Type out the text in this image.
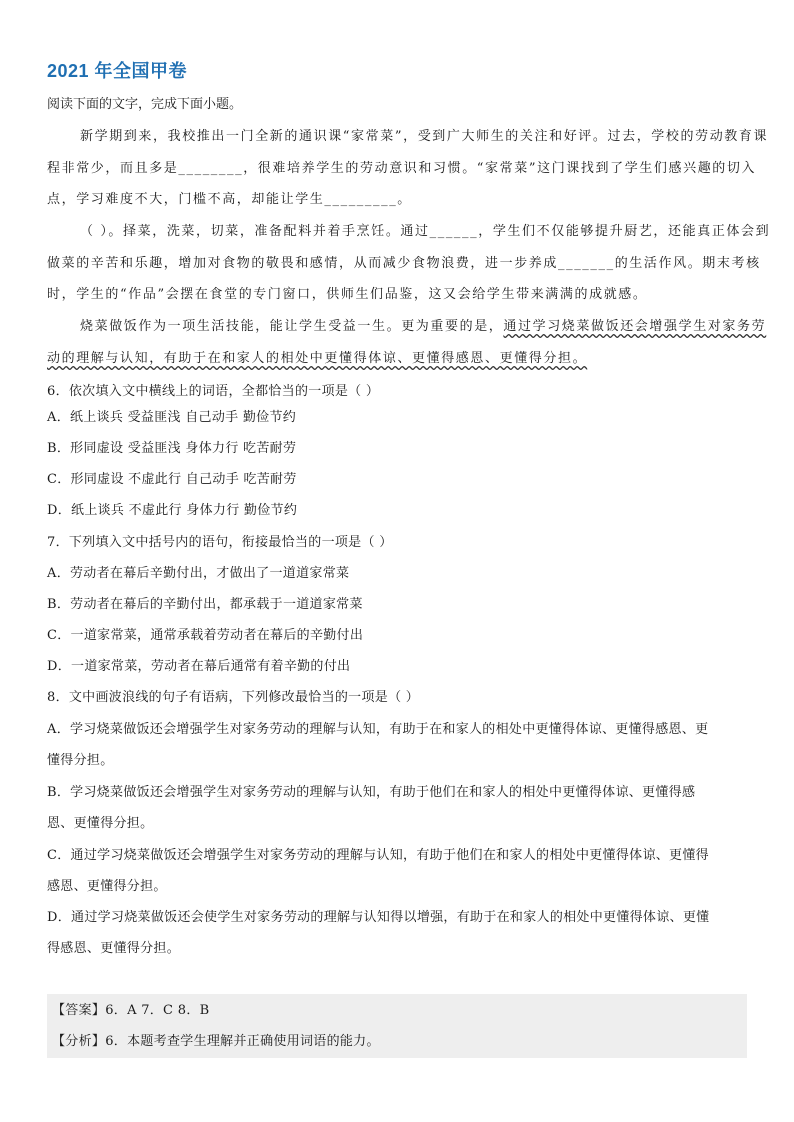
2021 年全国甲卷
阅读下面的文字，完成下面小题。
新学期到来，我校推出一门全新的通识课“家常菜”，受到广大师生的关注和好评。过去，学校的劳动教育课
程非常少，而且多是________，很难培养学生的劳动意识和习惯。“家常菜”这门课找到了学生们感兴趣的切入
点，学习难度不大，门槛不高，却能让学生_________。
（ ）。择菜，洗菜，切菜，准备配料并着手烹饪。通过______，学生们不仅能够提升厨艺，还能真正体会到
做菜的辛苦和乐趣，增加对食物的敬畏和感情，从而减少食物浪费，进一步养成_______的生活作风。期末考核
时，学生的“作品”会摆在食堂的专门窗口，供师生们品鉴，这又会给学生带来满满的成就感。
烧菜做饭作为一项生活技能，能让学生受益一生。更为重要的是，通过学习烧菜做饭还会增强学生对家务劳
动的理解与认知，有助于在和家人的相处中更懂得体谅、更懂得感恩、更懂得分担。
6．依次填入文中横线上的词语，全都恰当的一项是（ ）
A．纸上谈兵 受益匪浅 自己动手 勤俭节约
B．形同虚设 受益匪浅 身体力行 吃苦耐劳
C．形同虚设 不虚此行 自己动手 吃苦耐劳
D．纸上谈兵 不虚此行 身体力行 勤俭节约
7．下列填入文中括号内的语句，衔接最恰当的一项是（ ）
A．劳动者在幕后辛勤付出，才做出了一道道家常菜
B．劳动者在幕后的辛勤付出，都承载于一道道家常菜
C．一道家常菜，通常承载着劳动者在幕后的辛勤付出
D．一道家常菜，劳动者在幕后通常有着辛勤的付出
8．文中画波浪线的句子有语病，下列修改最恰当的一项是（ ）
A．学习烧菜做饭还会增强学生对家务劳动的理解与认知，有助于在和家人的相处中更懂得体谅、更懂得感恩、更
懂得分担。
B．学习烧菜做饭还会增强学生对家务劳动的理解与认知，有助于他们在和家人的相处中更懂得体谅、更懂得感
恩、更懂得分担。
C．通过学习烧菜做饭还会增强学生对家务劳动的理解与认知，有助于他们在和家人的相处中更懂得体谅、更懂得
感恩、更懂得分担。
D．通过学习烧菜做饭还会使学生对家务劳动的理解与认知得以增强，有助于在和家人的相处中更懂得体谅、更懂
得感恩、更懂得分担。
【答案】6．A 7．C 8．B
【分析】6．本题考查学生理解并正确使用词语的能力。
